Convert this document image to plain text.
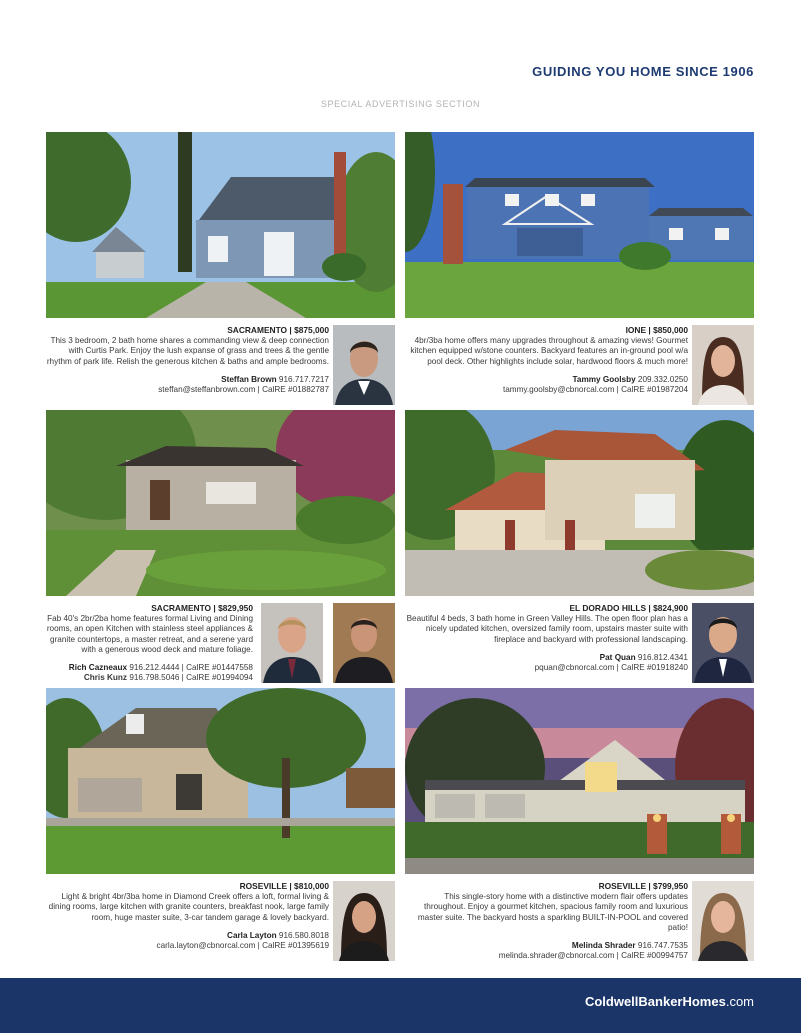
GUIDING YOU HOME SINCE 1906
SPECIAL ADVERTISING SECTION
SACRAMENTO | $875,000
This 3 bedroom, 2 bath home shares a commanding view & deep connection with Curtis Park. Enjoy the lush expanse of grass and trees & the gentle rhythm of park life. Relish the generous kitchen & baths and ample bedrooms.
Steffan Brown 916.717.7217
steffan@steffanbrown.com | CalRE #01882787
IONE | $850,000
4br/3ba home offers many upgrades throughout & amazing views! Gourmet kitchen equipped w/stone counters. Backyard features an in-ground pool w/a pool deck. Other highlights include solar, hardwood floors & much more!
Tammy Goolsby 209.332.0250
tammy.goolsby@cbnorcal.com | CalRE #01987204
SACRAMENTO | $829,950
Fab 40's 2br/2ba home features formal Living and Dining rooms, an open Kitchen with stainless steel appliances & granite countertops, a master retreat, and a serene yard with a generous wood deck and mature foliage.
Rich Cazneaux 916.212.4444 | CalRE #01447558
Chris Kunz 916.798.5046 | CalRE #01994094
EL DORADO HILLS | $824,900
Beautiful 4 beds, 3 bath home in Green Valley Hills. The open floor plan has a nicely updated kitchen, oversized family room, upstairs master suite with fireplace and backyard with professional landscaping.
Pat Quan 916.812.4341
pquan@cbnorcal.com | CalRE #01918240
ROSEVILLE | $810,000
Light & bright 4br/3ba home in Diamond Creek offers a loft, formal living & dining rooms, large kitchen with granite counters, breakfast nook, large family room, huge master suite, 3-car tandem garage & lovely backyard.
Carla Layton 916.580.8018
carla.layton@cbnorcal.com | CalRE #01395619
ROSEVILLE | $799,950
This single-story home with a distinctive modern flair offers updates throughout. Enjoy a gourmet kitchen, spacious family room and luxurious master suite. The backyard hosts a sparkling BUILT-IN-POOL and covered patio!
Melinda Shrader 916.747.7535
melinda.shrader@cbnorcal.com | CalRE #00994757
ColdwellBankerHomes.com
